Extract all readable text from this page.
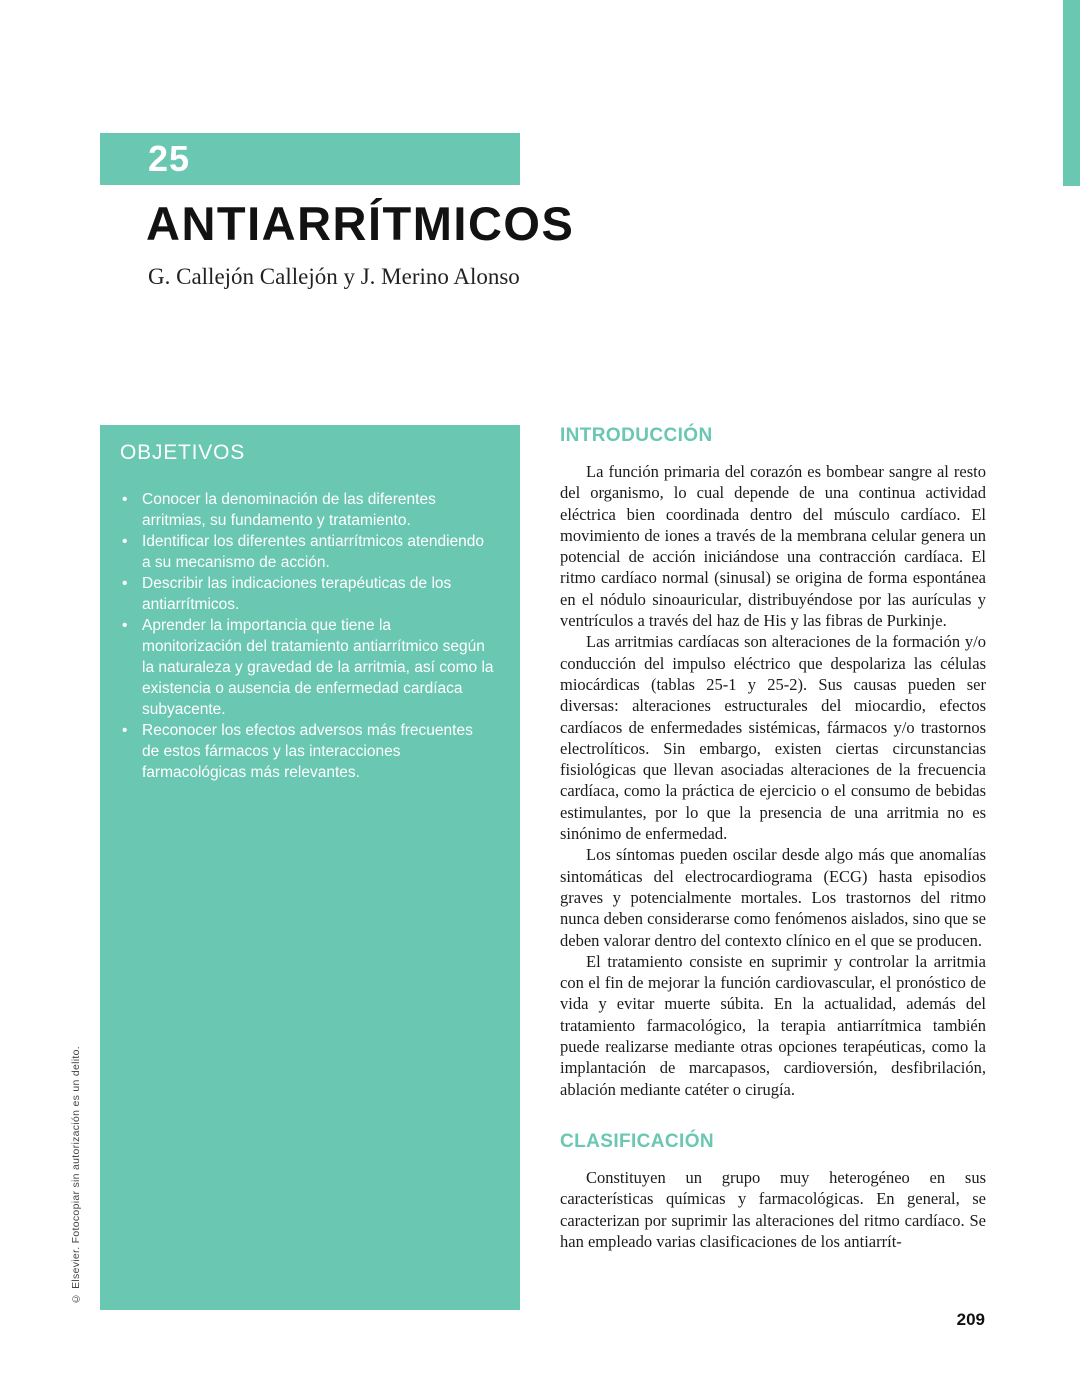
25
ANTIARRÍTMICOS
G. Callejón Callejón y J. Merino Alonso
OBJETIVOS
• Conocer la denominación de las diferentes arritmias, su fundamento y tratamiento.
• Identificar los diferentes antiarrítmicos atendiendo a su mecanismo de acción.
• Describir las indicaciones terapéuticas de los antiarrítmicos.
• Aprender la importancia que tiene la monitorización del tratamiento antiarrítmico según la naturaleza y gravedad de la arritmia, así como la existencia o ausencia de enfermedad cardíaca subyacente.
• Reconocer los efectos adversos más frecuentes de estos fármacos y las interacciones farmacológicas más relevantes.
INTRODUCCIÓN

La función primaria del corazón es bombear sangre al resto del organismo, lo cual depende de una continua actividad eléctrica bien coordinada dentro del músculo cardíaco. El movimiento de iones a través de la membrana celular genera un potencial de acción iniciándose una contracción cardíaca. El ritmo cardíaco normal (sinusal) se origina de forma espontánea en el nódulo sinoauricular, distribuyéndose por las aurículas y ventrículos a través del haz de His y las fibras de Purkinje.

Las arritmias cardíacas son alteraciones de la formación y/o conducción del impulso eléctrico que despolariza las células miocárdicas (tablas 25-1 y 25-2). Sus causas pueden ser diversas: alteraciones estructurales del miocardio, efectos cardíacos de enfermedades sistémicas, fármacos y/o trastornos electrolíticos. Sin embargo, existen ciertas circunstancias fisiológicas que llevan asociadas alteraciones de la frecuencia cardíaca, como la práctica de ejercicio o el consumo de bebidas estimulantes, por lo que la presencia de una arritmia no es sinónimo de enfermedad.

Los síntomas pueden oscilar desde algo más que anomalías sintomáticas del electrocardiograma (ECG) hasta episodios graves y potencialmente mortales. Los trastornos del ritmo nunca deben considerarse como fenómenos aislados, sino que se deben valorar dentro del contexto clínico en el que se producen.

El tratamiento consiste en suprimir y controlar la arritmia con el fin de mejorar la función cardiovascular, el pronóstico de vida y evitar muerte súbita. En la actualidad, además del tratamiento farmacológico, la terapia antiarrítmica también puede realizarse mediante otras opciones terapéuticas, como la implantación de marcapasos, cardioversión, desfibrilación, ablación mediante catéter o cirugía.

CLASIFICACIÓN

Constituyen un grupo muy heterogéneo en sus características químicas y farmacológicas. En general, se caracterizan por suprimir las alteraciones del ritmo cardíaco. Se han empleado varias clasificaciones de los antiarrít-

© Elsevier. Fotocopiar sin autorización es un delito.
209
